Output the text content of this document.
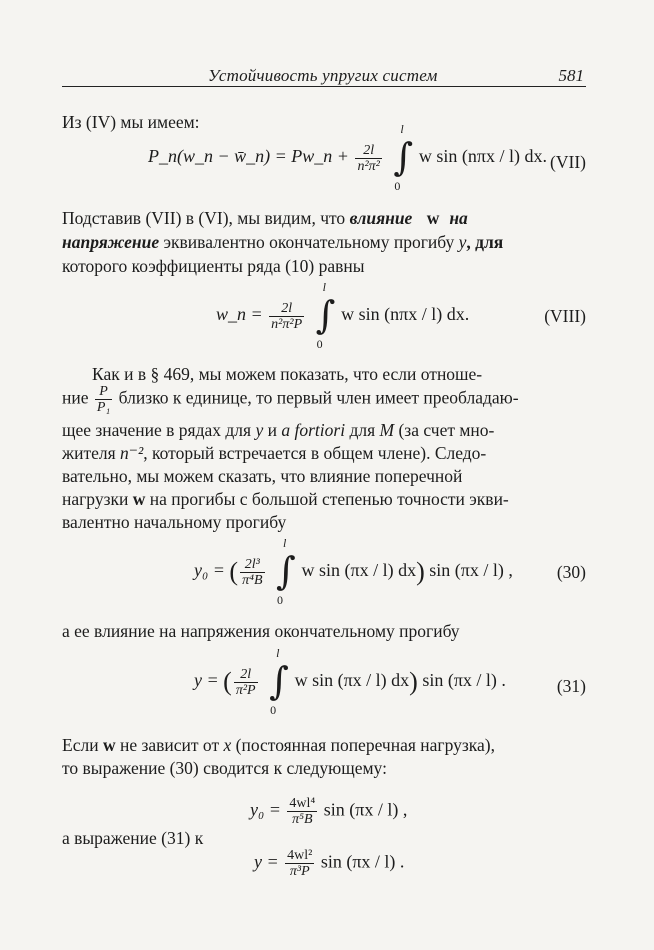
Устойчивость упругих систем	581
Из (IV) мы имеем:
P_n(w_n − w̄_n) = Pw_n + $\frac{2l}{\text{n²π²}}$
∫
l
0
w sin (nπx / l) dx. (VII)
Подставив (VII) в (VI), мы видим, что влияние w на
напряжение эквивалентно окончательному прогибу y, для
которого коэффициенты ряда (10) равны
w_n = $\frac{2l}{\text{n²π²P}}$
∫
l
0
w sin (nπx / l) dx.	(VIII)
Как и в § 469, мы можем показать, что если отноше-
ние $\frac{P}{\text{P₁}}$ близко к единице, то первый член имеет преобладаю-
щее значение в рядах для y и a fortiori для M (за счет мно-
жителя n⁻², который встречается в общем члене). Следо-
вательно, мы можем сказать, что влияние поперечной
нагрузки w на прогибы с большой степенью точности экви-
валентно начальному прогибу
y₀ = ( $\frac{\text{2l³}}{\text{π⁴B}}$
∫
l
0
w sin (πx / l) dx) sin (πx / l) ,	(30)
а ее влияние на напряжения окончательному прогибу
y = ( $\frac{2l}{\text{π²P}}$
∫
l
0
w sin (πx / l) dx) sin (πx / l) .	(31)
Если w не зависит от x (постоянная поперечная нагрузка),
то выражение (30) сводится к следующему:
$y_0 = \frac{\text{4wl⁴}}{\text{π⁵B}}$ sin (πx / l) ,
а выражение (31) к
$y = \frac{\text{4wl²}}{\text{π³P}}$ sin (πx / l) .
